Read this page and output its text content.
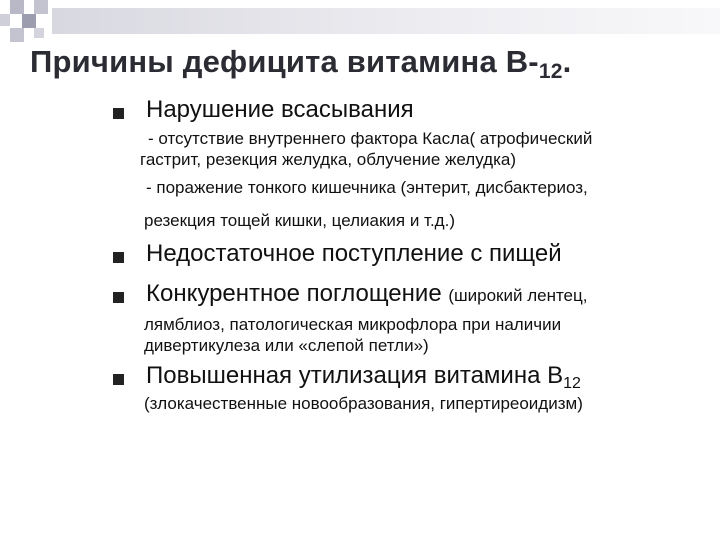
Причины дефицита витамина В-12.
Нарушение всасывания
- отсутствие внутреннего фактора Касла( атрофический
гастрит, резекция желудка, облучение желудка)
- поражение тонкого кишечника (энтерит, дисбактериоз,
резекция тощей кишки, целиакия и т.д.)
Недостаточное поступление с пищей
Конкурентное поглощение (широкий лентец,
лямблиоз, патологическая микрофлора при наличии
дивертикулеза или «слепой петли»)
Повышенная утилизация витамина $В_{12}$
(злокачественные новообразования, гипертиреоидизм)
